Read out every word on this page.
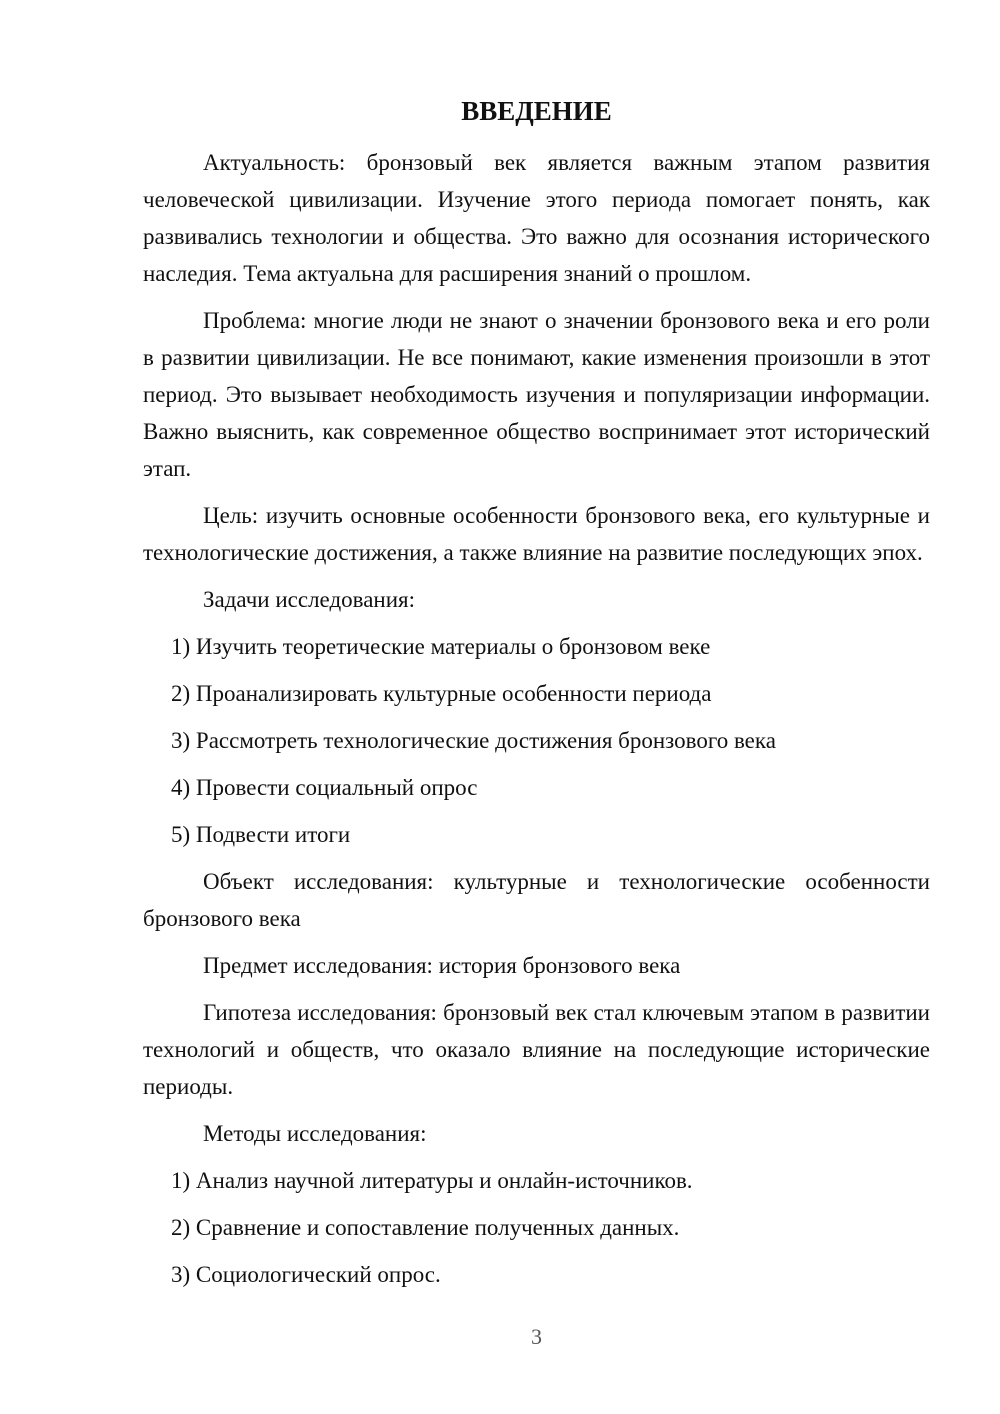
ВВЕДЕНИЕ

Актуальность: бронзовый век является важным этапом развития человеческой цивилизации. Изучение этого периода помогает понять, как развивались технологии и общества. Это важно для осознания исторического наследия. Тема актуальна для расширения знаний о прошлом.

Проблема: многие люди не знают о значении бронзового века и его роли в развитии цивилизации. Не все понимают, какие изменения произошли в этот период. Это вызывает необходимость изучения и популяризации информации. Важно выяснить, как современное общество воспринимает этот исторический этап.

Цель: изучить основные особенности бронзового века, его культурные и технологические достижения, а также влияние на развитие последующих эпох.

Задачи исследования:

1) Изучить теоретические материалы о бронзовом веке

2) Проанализировать культурные особенности периода

3) Рассмотреть технологические достижения бронзового века

4) Провести социальный опрос

5) Подвести итоги

Объект исследования: культурные и технологические особенности бронзового века

Предмет исследования: история бронзового века

Гипотеза исследования: бронзовый век стал ключевым этапом в развитии технологий и обществ, что оказало влияние на последующие исторические периоды.

Методы исследования:

1) Анализ научной литературы и онлайн-источников.

2) Сравнение и сопоставление полученных данных.

3) Социологический опрос.

3
